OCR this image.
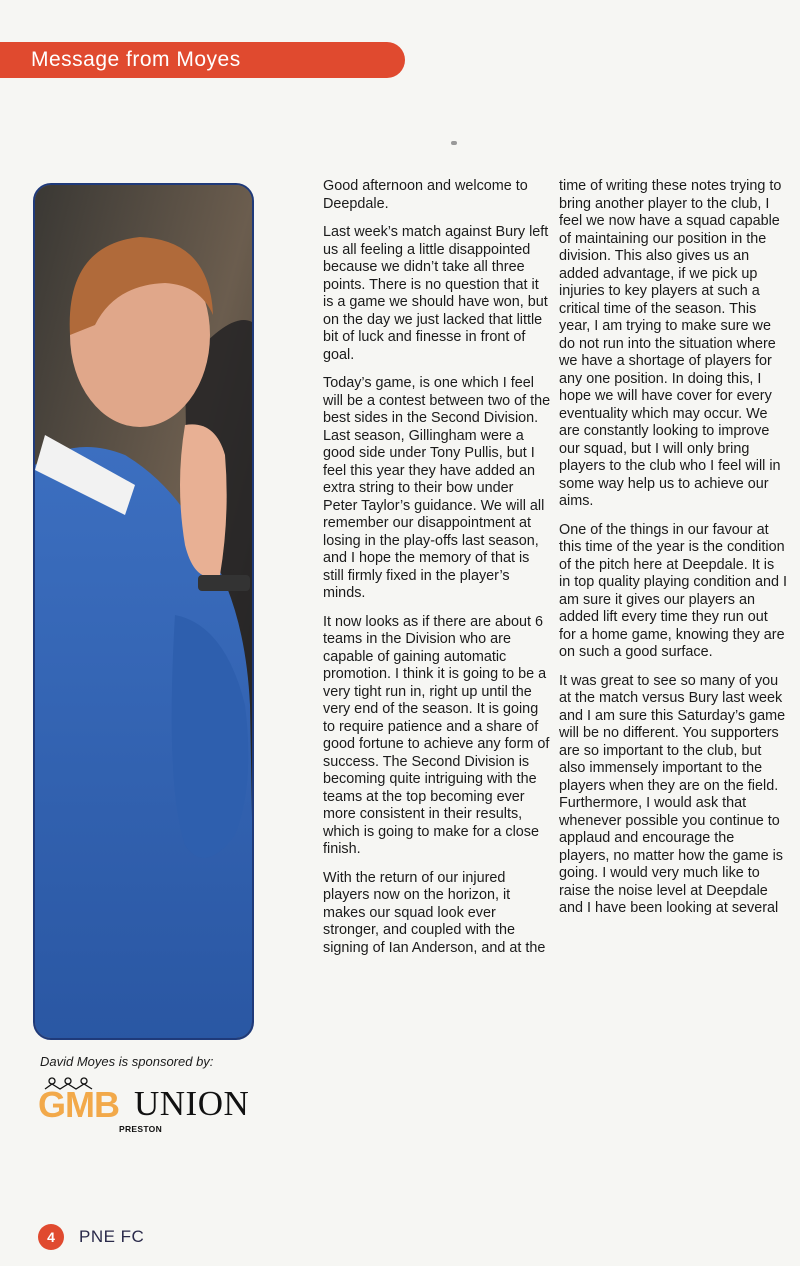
Message from Moyes

Good afternoon and welcome to Deepdale.

Last week’s match against Bury left us all feeling a little disappointed because we didn’t take all three points. There is no question that it is a game we should have won, but on the day we just lacked that little bit of luck and finesse in front of goal.

Today’s game, is one which I feel will be a contest between two of the best sides in the Second Division. Last season, Gillingham were a good side under Tony Pullis, but I feel this year they have added an extra string to their bow under Peter Taylor’s guidance. We will all remember our disappointment at losing in the play-offs last season, and I hope the memory of that is still firmly fixed in the player’s minds.

It now looks as if there are about 6 teams in the Division who are capable of gaining automatic promotion. I think it is going to be a very tight run in, right up until the very end of the season. It is going to require patience and a share of good fortune to achieve any form of success. The Second Division is becoming quite intriguing with the teams at the top becoming ever more consistent in their results, which is going to make for a close finish.

With the return of our injured players now on the horizon, it makes our squad look ever stronger, and coupled with the signing of Ian Anderson, and at the

time of writing these notes trying to bring another player to the club, I feel we now have a squad capable of maintaining our position in the division. This also gives us an added advantage, if we pick up injuries to key players at such a critical time of the season. This year, I am trying to make sure we do not run into the situation where we have a shortage of players for any one position. In doing this, I hope we will have cover for every eventuality which may occur. We are constantly looking to improve our squad, but I will only bring players to the club who I feel will in some way help us to achieve our aims.

One of the things in our favour at this time of the year is the condition of the pitch here at Deepdale. It is in top quality playing condition and I am sure it gives our players an added lift every time they run out for a home game, knowing they are on such a good surface.

It was great to see so many of you at the match versus Bury last week and I am sure this Saturday’s game will be no different. You supporters are so important to the club, but also immensely important to the players when they are on the field. Furthermore, I would ask that whenever possible you continue to applaud and encourage the players, no matter how the game is going. I would very much like to raise the noise level at Deepdale and I have been looking at several

David Moyes is sponsored by:
GMB UNION
PRESTON
4	PNE FC
